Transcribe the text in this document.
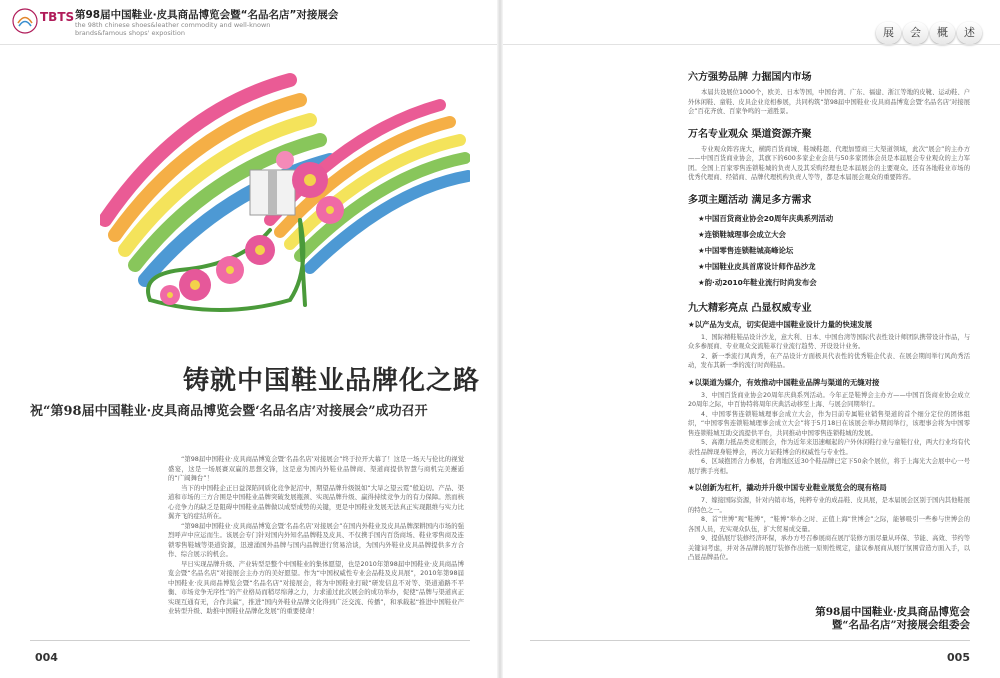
TBTS 第98届中国鞋业·皮具商品博览会暨“名品名店”对接展会
the 98th chinese shoes&leather commodity and well-known brands&famous shops' exposition	展	会	概	述
铸就中国鞋业品牌化之路
祝“第98届中国鞋业·皮具商品博览会暨‘名品名店’对接展会”成功召开

“第98届中国鞋业·皮具商品博览会暨‘名品名店’对接展会”终于拉开大幕了！这是一场天与伦比的视觉盛宴，这是一场展賽双赢的思想交锋，这是意为国内外鞋业品牌商、渠道商提供智慧与商机完美邂逅的“广阔舞台”！

当下的中国鞋企正日益深陷同质化竞争泥沼中，期望品牌升级锐如“大旱之望云霓”般迫切。产品、渠道和市场的三方合围是中国鞋业品牌突破发展瓶颈、实现品牌升级、赢得持续竞争力的有力保障。然而核心竞争力的缺乏是阻碍中国鞋业品牌做以成型成势的关键，更是中国鞋业发展无法真正实现跟维与实力比翼齐飞的症结所在。

“第98届中国鞋业·皮具商品博览会暨‘名品名店’对接展会”在国内外鞋业及皮具品牌深耕国内市场的强烈呼声中应运而生。该展会专门针对国内外知名品牌鞋及皮具、不仅携手国内百货商场、鞋业零售商及连锁零售鞋城等渠道资源，迅速涌国外品牌与国内品牌进行贸易洽谈，为国内外鞋业皮具品牌提供多方合作、综合展示的机会。

早日实现品牌升级、产业转型是整个中国鞋业的集体愿望，也是2010年第98届中国鞋业·皮具商品博览会暨“名品名店”对接展会主办方的美好愿望。作为“中国权威性专业会品鞋及皮具展”，2010年第98届中国鞋业·皮具商品博览会暨“名品名店”对接展会，将为中国鞋业打破“研发信息不对等、渠道通路不平衡、市场竞争无序性”的产业格局而稍尽绵薄之力，力求通过此次展会的成功举办，促使“品牌与渠道真正实现互通有无，合作共赢”，推进“国内外鞋业品牌文化得到广泛交流、传播”，和承载起“推进中国鞋业产业转型升级、助推中国鞋业品牌化发展”的重要使命！

004
六方强势品牌 力掘国内市场

本届共设展位1000个，欧美、日本等国，中国台湾、广东、福建、浙江等地的皮靴、运动鞋、户外休闲鞋、童鞋、皮具企业竞相参展，共同构筑“第98届中国鞋业·皮具商品博览会暨‘名品名店’对接展会”百花齐放、百家争鸣的一道胜景。

万名专业观众 渠道资源齐聚

专业观众阵容庞大，横跨百货商城、鞋城鞋超、代理加盟商三大渠道领域，此次“展会”的主办方——中国百货商业协会，其旗下的600多家企业会员与50多家团体会员是本届展会专业观众的主力军团。全国上百家零售连锁鞋城的负责人及其采购经理也是本届展会的主要观众。还有各地鞋业市场的优秀代理商、经销商、品牌代理机构负责人等等，都是本届展会观众的重要阵容。

多项主题活动 满足多方需求
★中国百货商业协会20周年庆典系列活动
★连锁鞋城理事会成立大会
★中国零售连锁鞋城高峰论坛
★中国鞋业皮具首席设计师作品沙龙
★韵·动2010年鞋业流行时尚发布会
九大精彩亮点 凸显权威专业
★以产品为支点，切实促进中国鞋业设计力量的快速发展
1、国际精鞋鞋品设计沙龙，意大利、日本、中国台湾等国际代表性设计师团队携带设计作品，与众多参展商、专业观众交流鞋革行业流行趋势、开设设计业务。
2、新一季流行风尚秀，在产品设计方面极具代表性的优秀鞋企代表、在展会期间举行风尚秀活动，发布其新一季的流行时尚鞋品。
★以渠道为媒介，有效推动中国鞋业品牌与渠道的无缝对接
3、中国百货商业协会20周年庆典系列活动。今年正是鞋博会主办方——中国百货商业协会成立20周年之际，中百协特将周年庆典活动移至上海、与展会同期举行。
4、中国零售连锁鞋城理事会成立大会，作为目前专属鞋业销售渠道的首个细分定位的团体组织，“中国零售连锁鞋城理事会成立大会”将于5月18日在该展会举办期间举行，该理事会将为中国零售连锁鞋城互助交流提供平台，共同推动中国零售连锁鞋城的发展。
5、高潮力抵品类竞相展会，作为近年来迅速崛起的户外休闲鞋行业与童鞋行业，两大行业均有代表性品牌现身鞋博会，再次力证鞋博会的权威性与专业性。
6、区域抱团合力参展，台湾地区近30个鞋品牌已定下50余个展位，将于上海光大会展中心一号展厅携手亮相。
★以创新为杠杆，撬动并升级中国专业鞋业展览会的现有格局
7、嫁接国际资源，针对内销市场，纯粹专业的成品鞋、皮具展，是本届展会区别于国内其他鞋展的特色之一。
8、首“世博”观“鞋博”，“鞋博”举办之时、正值上海“世博会”之际，能够吸引一些参与世博会的各国人员，充实观众队伍，扩大贸易成交量。
9、提倡展厅装修经济环保，承办方号召参展商在展厅装修方面尽量从环保、节能、高效、节约等关键词考虑，并对各品牌的展厅装修作出统一原则性规定，建议参展商从展厅氛围营造方面入手，以凸显品牌品位。
第98届中国鞋业·皮具商品博览会
暨“名品名店”对接展会组委会
005
